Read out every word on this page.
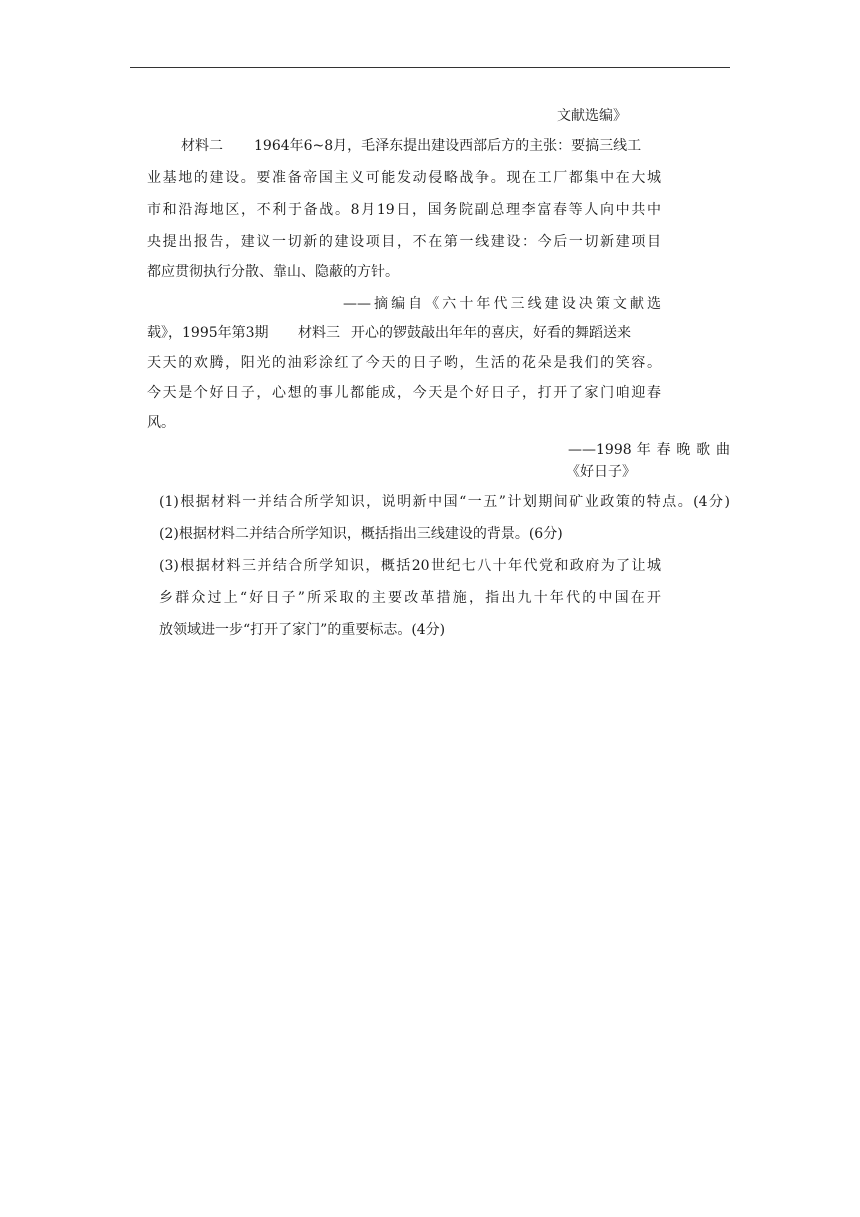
文献选编》
材料二 1964年6~8月，毛泽东提出建设西部后方的主张：要搞三线工
业基地的建设。要准备帝国主义可能发动侵略战争。现在工厂都集中在大城
市和沿海地区，不利于备战。8月19日，国务院副总理李富春等人向中共中
央提出报告，建议一切新的建设项目，不在第一线建设：今后一切新建项目
都应贯彻执行分散、靠山、隐蔽的方针。
——摘编自《六十年代三线建设决策文献选
载》，1995年第3期 材料三 开心的锣鼓敲出年年的喜庆，好看的舞蹈送来
天天的欢腾，阳光的油彩涂红了今天的日子哟，生活的花朵是我们的笑容。
今天是个好日子，心想的事儿都能成，今天是个好日子，打开了家门咱迎春
风。
——1998 年 春 晚 歌 曲
《好日子》
(1)根据材料一并结合所学知识，说明新中国“一五”计划期间矿业政策的特点。(4分)
(2)根据材料二并结合所学知识，概括指出三线建设的背景。(6分)
(3)根据材料三并结合所学知识，概括20世纪七八十年代党和政府为了让城
乡群众过上“好日子”所采取的主要改革措施，指出九十年代的中国在开
放领域进一步“打开了家门”的重要标志。(4分)
